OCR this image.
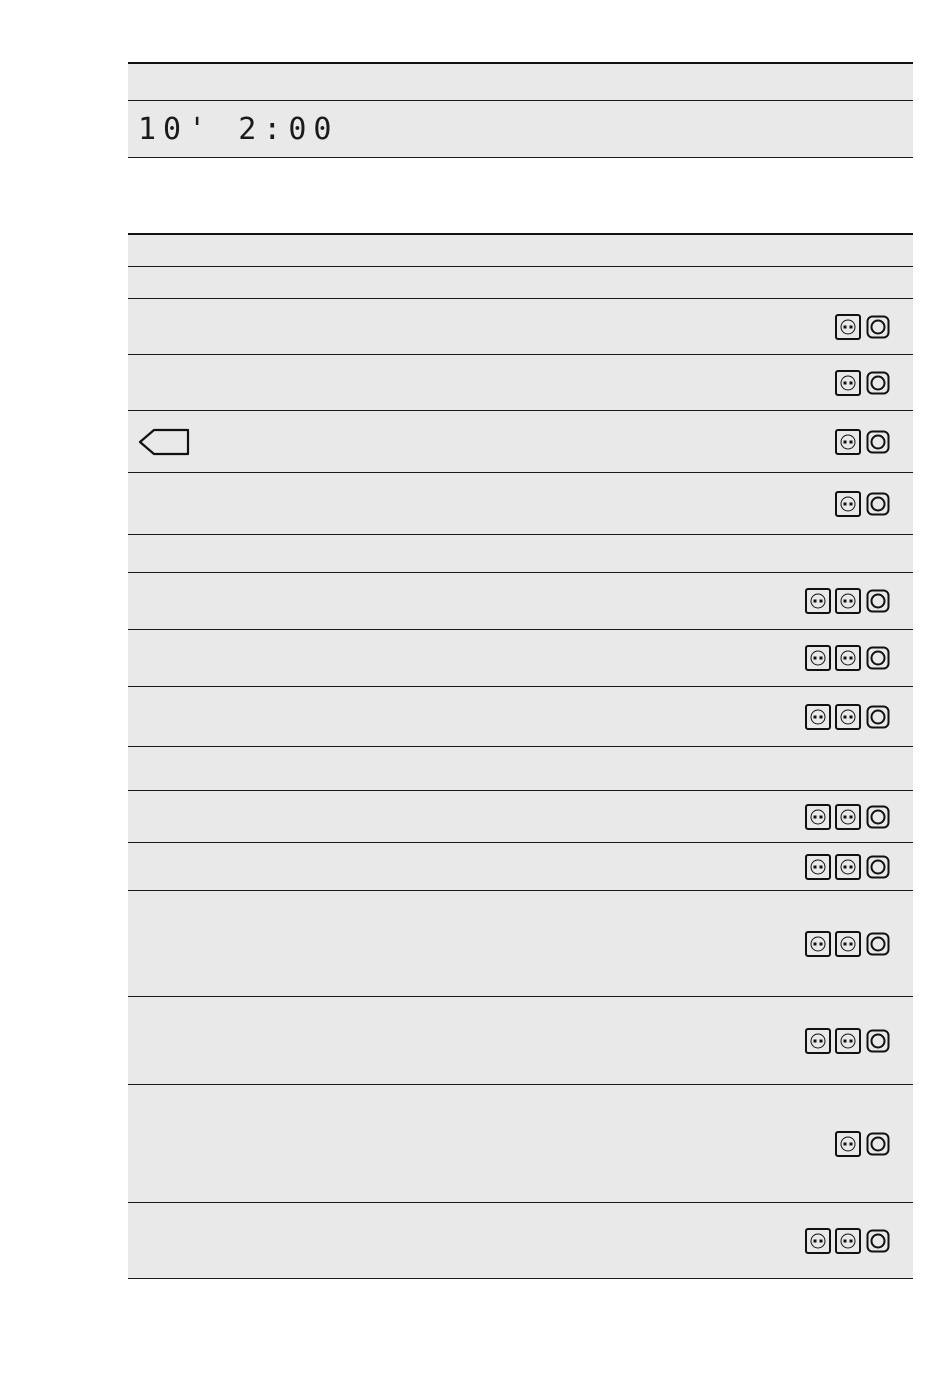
10' 2:00
